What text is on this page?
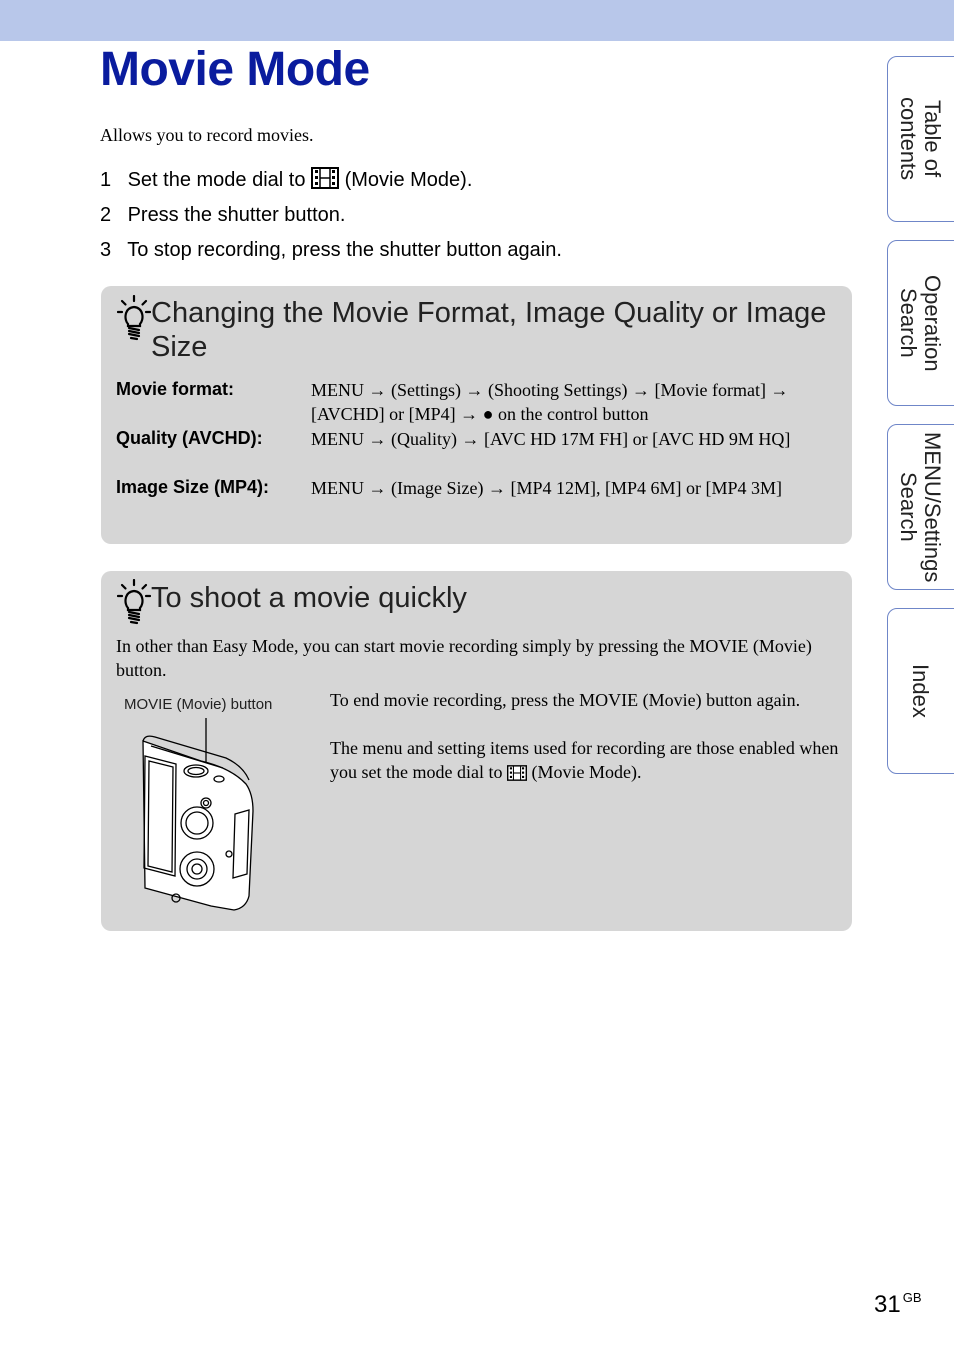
Movie Mode
Allows you to record movies.
1 Set the mode dial to (Movie Mode).
2 Press the shutter button.
3 To stop recording, press the shutter button again.
Changing the Movie Format, Image Quality or Image Size
Movie format:	MENU → (Settings) → (Shooting Settings) → [Movie format] → [AVCHD] or [MP4] → ● on the control button
Quality (AVCHD):	MENU → (Quality) → [AVC HD 17M FH] or [AVC HD 9M HQ]
Image Size (MP4): MENU → (Image Size) → [MP4 12M], [MP4 6M] or [MP4 3M]
To shoot a movie quickly
In other than Easy Mode, you can start movie recording simply by pressing the MOVIE (Movie) button.
MOVIE (Movie) button	To end movie recording, press the MOVIE (Movie) button again.
The menu and setting items used for recording are those enabled when you set the mode dial to (Movie Mode).
Table of contents
Operation Search
MENU/Settings Search
Index
31 $^{GB}$
